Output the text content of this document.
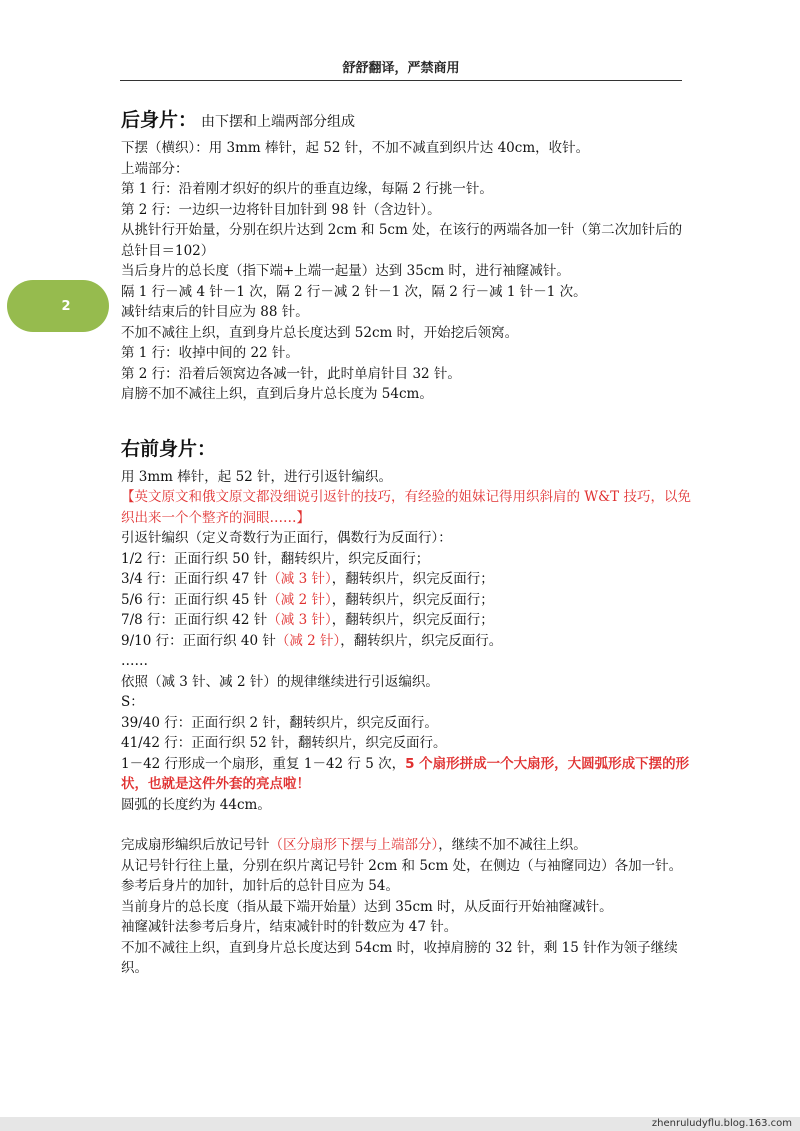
舒舒翻译，严禁商用
2
后身片： 由下摆和上端两部分组成
下摆（横织）：用 3mm 棒针，起 52 针，不加不减直到织片达 40cm，收针。
上端部分：
第 1 行：沿着刚才织好的织片的垂直边缘，每隔 2 行挑一针。
第 2 行：一边织一边将针目加针到 98 针（含边针）。
从挑针行开始量，分别在织片达到 2cm 和 5cm 处，在该行的两端各加一针（第二次加针后的总针目＝102）
当后身片的总长度（指下端+上端一起量）达到 35cm 时，进行袖窿减针。
隔 1 行－减 4 针－1 次，隔 2 行－减 2 针－1 次，隔 2 行－减 1 针－1 次。
减针结束后的针目应为 88 针。
不加不减往上织，直到身片总长度达到 52cm 时，开始挖后领窝。
第 1 行：收掉中间的 22 针。
第 2 行：沿着后领窝边各减一针，此时单肩针目 32 针。
肩膀不加不减往上织，直到后身片总长度为 54cm。
右前身片：
用 3mm 棒针，起 52 针，进行引返针编织。
【英文原文和俄文原文都没细说引返针的技巧，有经验的姐妹记得用织斜肩的 W&T 技巧，以免织出来一个个整齐的洞眼……】
引返针编织（定义奇数行为正面行，偶数行为反面行）：
1/2 行：正面行织 50 针，翻转织片，织完反面行；
3/4 行：正面行织 47 针（减 3 针），翻转织片，织完反面行；
5/6 行：正面行织 45 针（减 2 针），翻转织片，织完反面行；
7/8 行：正面行织 42 针（减 3 针），翻转织片，织完反面行；
9/10 行：正面行织 40 针（减 2 针），翻转织片，织完反面行。
……
依照（减 3 针、减 2 针）的规律继续进行引返编织。
S：
39/40 行：正面行织 2 针，翻转织片，织完反面行。
41/42 行：正面行织 52 针，翻转织片，织完反面行。
1－42 行形成一个扇形，重复 1－42 行 5 次，5 个扇形拼成一个大扇形，大圆弧形成下摆的形状，也就是这件外套的亮点啦！
圆弧的长度约为 44cm。
完成扇形编织后放记号针（区分扇形下摆与上端部分），继续不加不减往上织。
从记号针行往上量，分别在织片离记号针 2cm 和 5cm 处，在侧边（与袖窿同边）各加一针。
参考后身片的加针，加针后的总针目应为 54。
当前身片的总长度（指从最下端开始量）达到 35cm 时，从反面行开始袖窿减针。
袖窿减针法参考后身片，结束减针时的针数应为 47 针。
不加不减往上织，直到身片总长度达到 54cm 时，收掉肩膀的 32 针，剩 15 针作为领子继续织。
zhenruludyflu.blog.163.com
